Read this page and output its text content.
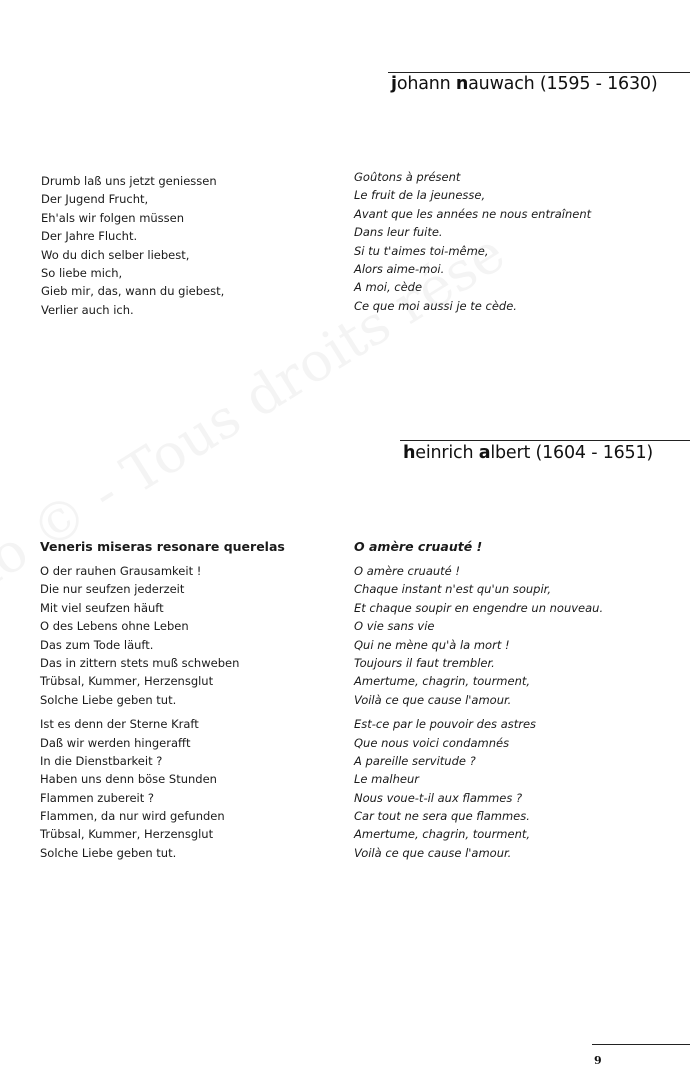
johann nauwach (1595 - 1630)
Drumb laß uns jetzt geniessen
Der Jugend Frucht,
Eh'als wir folgen müssen
Der Jahre Flucht.
Wo du dich selber liebest,
So liebe mich,
Gieb mir, das, wann du giebest,
Verlier auch ich.
Goûtons à présent
Le fruit de la jeunesse,
Avant que les années ne nous entraînent
Dans leur fuite.
Si tu t'aimes toi-même,
Alors aime-moi.
A moi, cède
Ce que moi aussi je te cède.
heinrich albert (1604 - 1651)
Veneris miseras resonare querelas
O der rauhen Grausamkeit !
Die nur seufzen jederzeit
Mit viel seufzen häuft
O des Lebens ohne Leben
Das zum Tode läuft.
Das in zittern stets muß schweben
Trübsal, Kummer, Herzensglut
Solche Liebe geben tut.
Ist es denn der Sterne Kraft
Daß wir werden hingerafft
In die Dienstbarkeit ?
Haben uns denn böse Stunden
Flammen zubereit ?
Flammen, da nur wird gefunden
Trübsal, Kummer, Herzensglut
Solche Liebe geben tut.
O amère cruauté !
O amère cruauté !
Chaque instant n'est qu'un soupir,
Et chaque soupir en engendre un nouveau.
O vie sans vie
Qui ne mène qu'à la mort !
Toujours il faut trembler.
Amertume, chagrin, tourment,
Voilà ce que cause l'amour.
Est-ce par le pouvoir des astres
Que nous voici condamnés
A pareille servitude ?
Le malheur
Nous voue-t-il aux flammes ?
Car tout ne sera que flammes.
Amertume, chagrin, tourment,
Voilà ce que cause l'amour.
9
